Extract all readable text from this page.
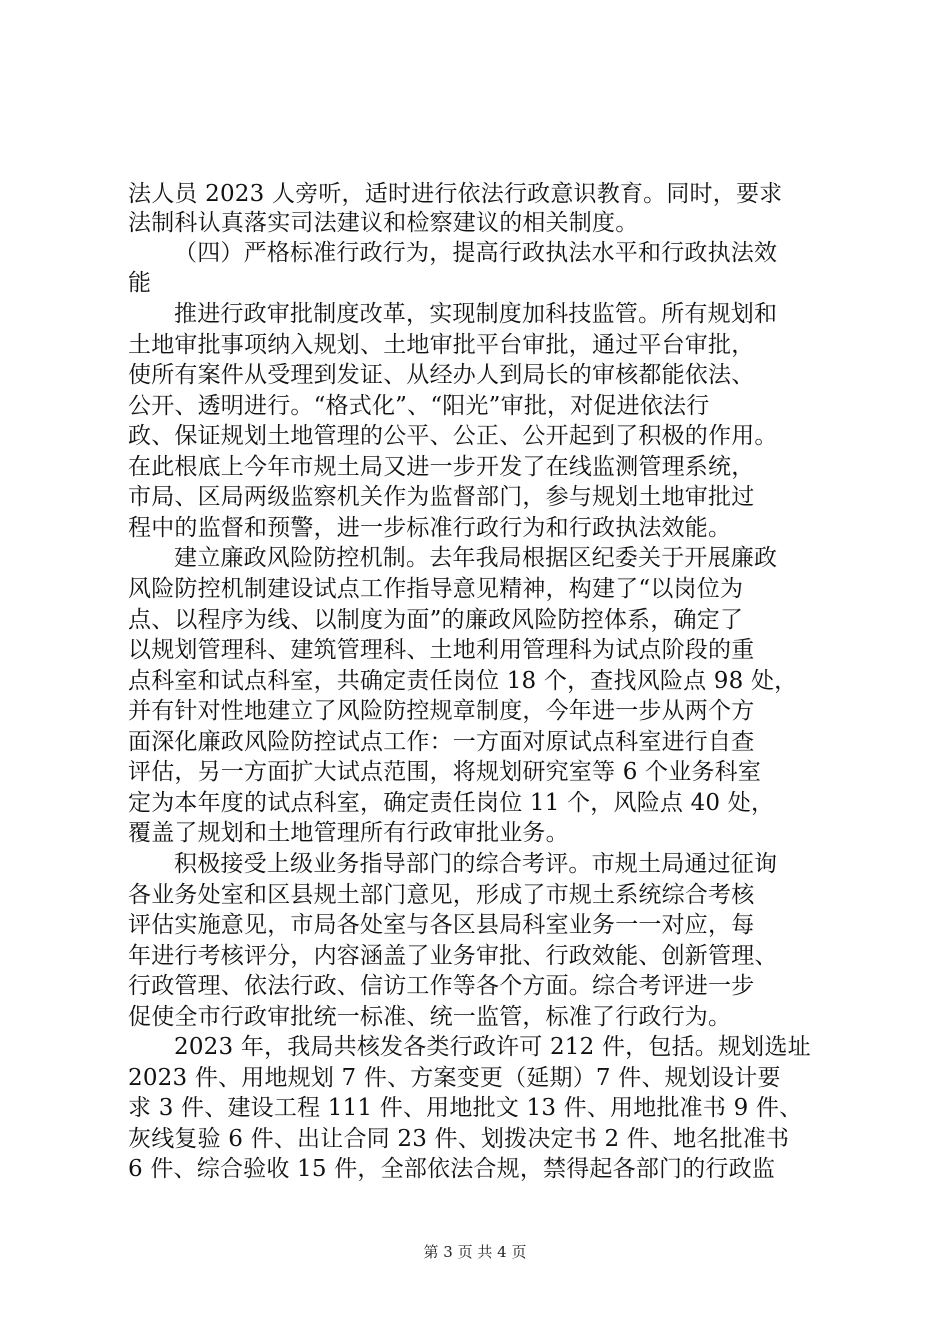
法人员 2023 人旁听，适时进行依法行政意识教育。同时，要求
法制科认真落实司法建议和检察建议的相关制度。
（四）严格标准行政行为，提高行政执法水平和行政执法效
能
推进行政审批制度改革，实现制度加科技监管。所有规划和
土地审批事项纳入规划、土地审批平台审批，通过平台审批，
使所有案件从受理到发证、从经办人到局长的审核都能依法、
公开、透明进行。“格式化”、“阳光”审批，对促进依法行
政、保证规划土地管理的公平、公正、公开起到了积极的作用。
在此根底上今年市规土局又进一步开发了在线监测管理系统，
市局、区局两级监察机关作为监督部门，参与规划土地审批过
程中的监督和预警，进一步标准行政行为和行政执法效能。
建立廉政风险防控机制。去年我局根据区纪委关于开展廉政
风险防控机制建设试点工作指导意见精神，构建了“以岗位为
点、以程序为线、以制度为面”的廉政风险防控体系，确定了
以规划管理科、建筑管理科、土地利用管理科为试点阶段的重
点科室和试点科室，共确定责任岗位 18 个，查找风险点 98 处，
并有针对性地建立了风险防控规章制度，今年进一步从两个方
面深化廉政风险防控试点工作：一方面对原试点科室进行自查
评估，另一方面扩大试点范围，将规划研究室等 6 个业务科室
定为本年度的试点科室，确定责任岗位 11 个，风险点 40 处，
覆盖了规划和土地管理所有行政审批业务。
积极接受上级业务指导部门的综合考评。市规土局通过征询
各业务处室和区县规土部门意见，形成了市规土系统综合考核
评估实施意见，市局各处室与各区县局科室业务一一对应，每
年进行考核评分，内容涵盖了业务审批、行政效能、创新管理、
行政管理、依法行政、信访工作等各个方面。综合考评进一步
促使全市行政审批统一标准、统一监管，标准了行政行为。
2023 年，我局共核发各类行政许可 212 件，包括。规划选址
2023 件、用地规划 7 件、方案变更（延期）7 件、规划设计要
求 3 件、建设工程 111 件、用地批文 13 件、用地批准书 9 件、
灰线复验 6 件、出让合同 23 件、划拨决定书 2 件、地名批准书
6 件、综合验收 15 件，全部依法合规，禁得起各部门的行政监
第 3 页 共 4 页
